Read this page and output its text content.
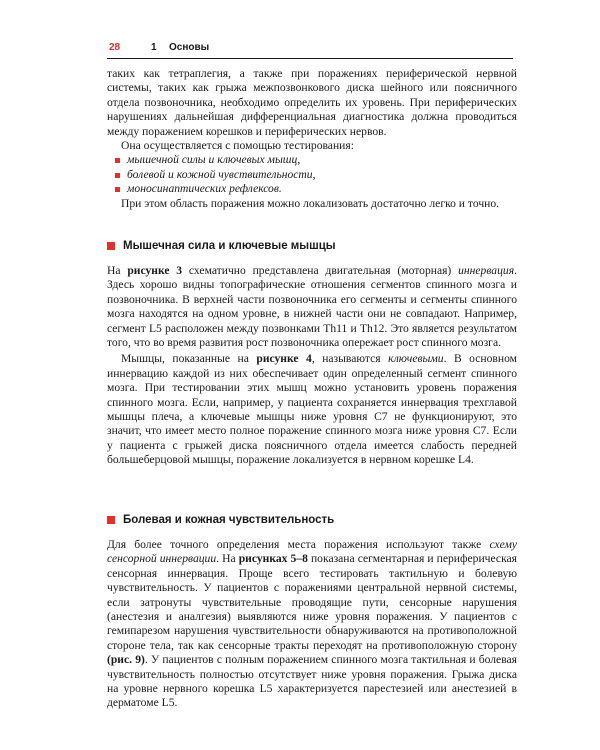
28	1 Основы

таких как тетраплегия, а также при поражениях периферической нервной системы, таких как грыжа межпозвонкового диска шейного или поясничного отдела позвоночника, необходимо определить их уровень. При периферических нарушениях дальнейшая дифференциальная диагностика должна проводиться между поражением корешков и периферических нервов.

Она осуществляется с помощью тестирования:

мышечной силы и ключевых мышц,
болевой и кожной чувствительности,
моносинаптических рефлексов.

При этом область поражения можно локализовать достаточно легко и точно.

Мышечная сила и ключевые мышцы

На рисунке 3 схематично представлена двигательная (моторная) иннервация. Здесь хорошо видны топографические отношения сегментов спинного мозга и позвоночника. В верхней части позвоночника его сегменты и сегменты спинного мозга находятся на одном уровне, в нижней части они не совпадают. Например, сегмент L5 расположен между позвонками Th11 и Th12. Это является результатом того, что во время развития рост позвоночника опережает рост спинного мозга.

Мышцы, показанные на рисунке 4, называются ключевыми. В основном иннервацию каждой из них обеспечивает один определенный сегмент спинного мозга. При тестировании этих мышц можно установить уровень поражения спинного мозга. Если, например, у пациента сохраняется иннервация трехглавой мышцы плеча, а ключевые мышцы ниже уровня C7 не функционируют, это значит, что имеет место полное поражение спинного мозга ниже уровня C7. Если у пациента с грыжей диска поясничного отдела имеется слабость передней большеберцовой мышцы, поражение локализуется в нервном корешке L4.

Болевая и кожная чувствительность

Для более точного определения места поражения используют также схему сенсорной иннервации. На рисунках 5–8 показана сегментарная и периферическая сенсорная иннервация. Проще всего тестировать тактильную и болевую чувствительность. У пациентов с поражениями центральной нервной системы, если затронуты чувствительные проводящие пути, сенсорные нарушения (анестезия и аналгезия) выявляются ниже уровня поражения. У пациентов с гемипарезом нарушения чувствительности обнаруживаются на противоположной стороне тела, так как сенсорные тракты переходят на противоположную сторону (рис. 9). У пациентов с полным поражением спинного мозга тактильная и болевая чувствительность полностью отсутствует ниже уровня поражения. Грыжа диска на уровне нервного корешка L5 характеризуется парестезией или анестезией в дерматоме L5.
